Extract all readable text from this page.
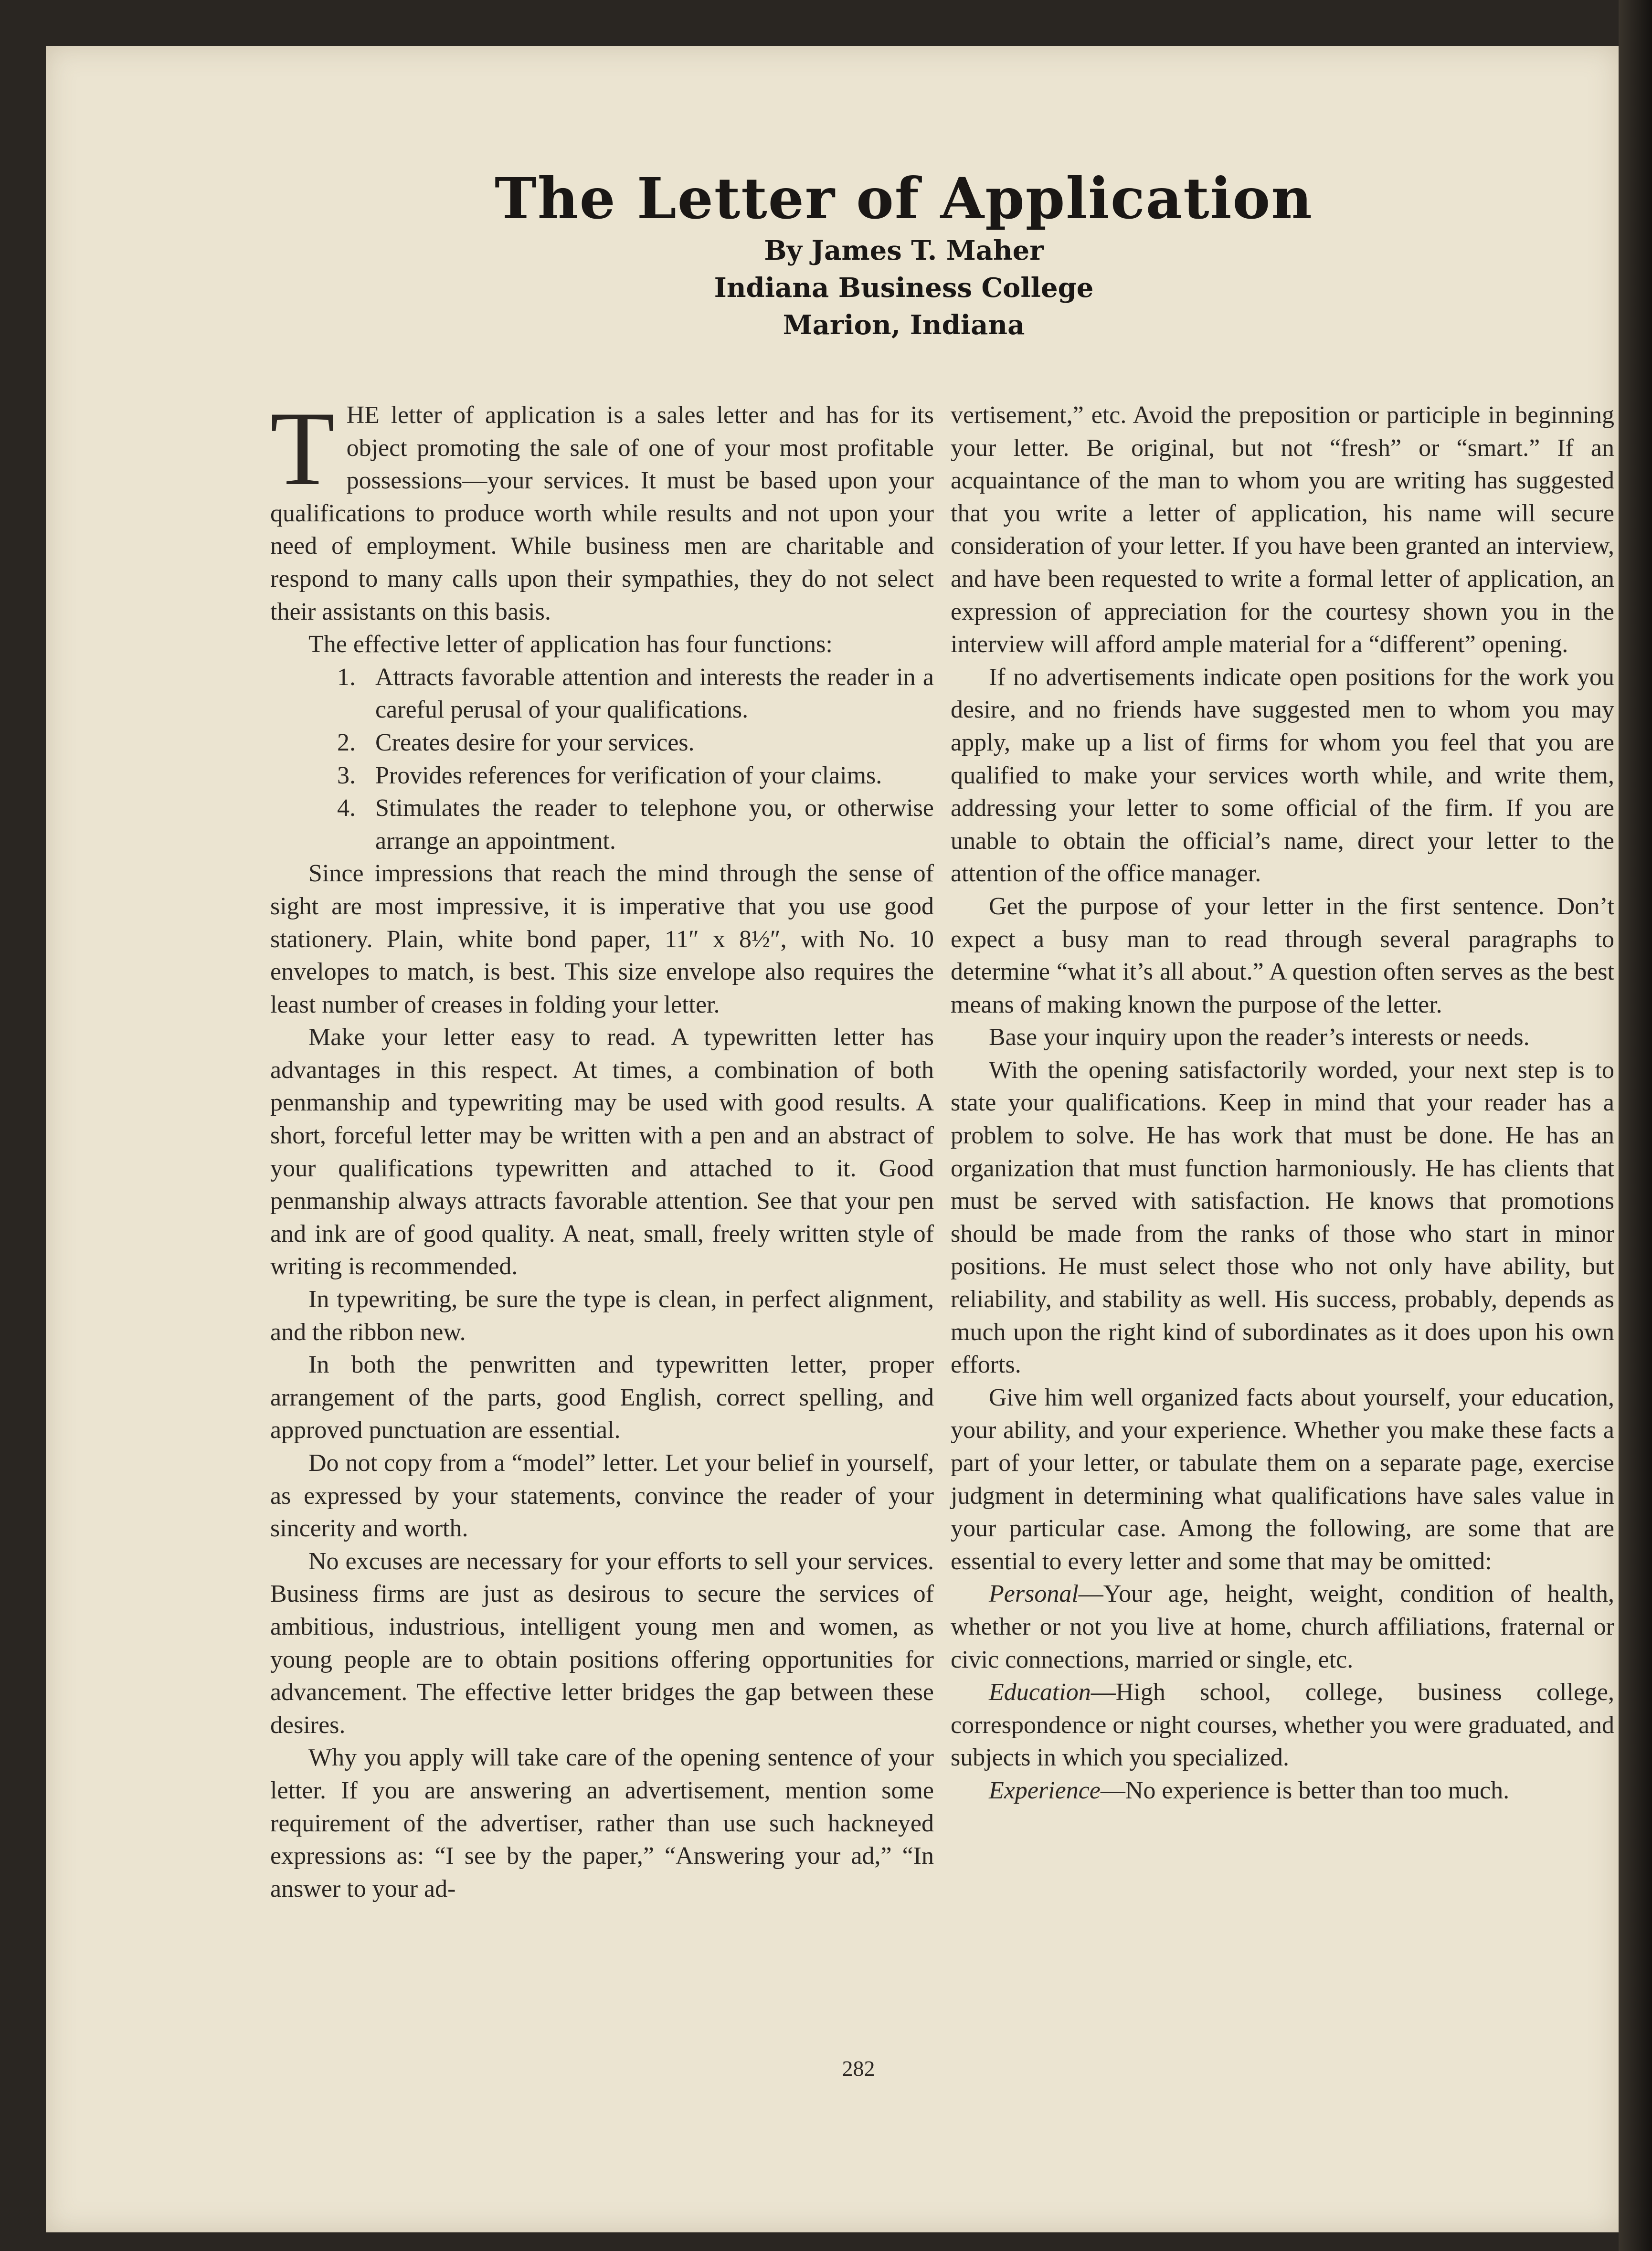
The Letter of Application
By James T. Maher
Indiana Business College
Marion, Indiana

THE letter of application is a sales letter and has for its object promoting the sale of one of your most profitable possessions—your services. It must be based upon your qualifications to produce worth while results and not upon your need of employment. While business men are charitable and respond to many calls upon their sympathies, they do not select their assistants on this basis.

The effective letter of application has four functions:

1. Attracts favorable attention and interests the reader in a careful perusal of your qualifications.
2. Creates desire for your services.
3. Provides references for verification of your claims.
4. Stimulates the reader to telephone you, or otherwise arrange an appointment.

Since impressions that reach the mind through the sense of sight are most impressive, it is imperative that you use good stationery. Plain, white bond paper, 11″ x 8½″, with No. 10 envelopes to match, is best. This size envelope also requires the least number of creases in folding your letter.

Make your letter easy to read. A typewritten letter has advantages in this respect. At times, a combination of both penmanship and typewriting may be used with good results. A short, forceful letter may be written with a pen and an abstract of your qualifications typewritten and attached to it. Good penmanship always attracts favorable attention. See that your pen and ink are of good quality. A neat, small, freely written style of writing is recommended.

In typewriting, be sure the type is clean, in perfect alignment, and the ribbon new.

In both the penwritten and typewritten letter, proper arrangement of the parts, good English, correct spelling, and approved punctuation are essential.

Do not copy from a “model” letter. Let your belief in yourself, as expressed by your statements, convince the reader of your sincerity and worth.

No excuses are necessary for your efforts to sell your services. Business firms are just as desirous to secure the services of ambitious, industrious, intelligent young men and women, as young people are to obtain positions offering opportunities for advancement. The effective letter bridges the gap between these desires.

Why you apply will take care of the opening sentence of your letter. If you are answering an advertisement, mention some requirement of the advertiser, rather than use such hackneyed expressions as: “I see by the paper,” “Answering your ad,” “In answer to your ad-

vertisement,” etc. Avoid the preposition or participle in beginning your letter. Be original, but not “fresh” or “smart.” If an acquaintance of the man to whom you are writing has suggested that you write a letter of application, his name will secure consideration of your letter. If you have been granted an interview, and have been requested to write a formal letter of application, an expression of appreciation for the courtesy shown you in the interview will afford ample material for a “different” opening.

If no advertisements indicate open positions for the work you desire, and no friends have suggested men to whom you may apply, make up a list of firms for whom you feel that you are qualified to make your services worth while, and write them, addressing your letter to some official of the firm. If you are unable to obtain the official’s name, direct your letter to the attention of the office manager.

Get the purpose of your letter in the first sentence. Don’t expect a busy man to read through several paragraphs to determine “what it’s all about.” A question often serves as the best means of making known the purpose of the letter.

Base your inquiry upon the reader’s interests or needs.

With the opening satisfactorily worded, your next step is to state your qualifications. Keep in mind that your reader has a problem to solve. He has work that must be done. He has an organization that must function harmoniously. He has clients that must be served with satisfaction. He knows that promotions should be made from the ranks of those who start in minor positions. He must select those who not only have ability, but reliability, and stability as well. His success, probably, depends as much upon the right kind of subordinates as it does upon his own efforts.

Give him well organized facts about yourself, your education, your ability, and your experience. Whether you make these facts a part of your letter, or tabulate them on a separate page, exercise judgment in determining what qualifications have sales value in your particular case. Among the following, are some that are essential to every letter and some that may be omitted:

Personal—Your age, height, weight, condition of health, whether or not you live at home, church affiliations, fraternal or civic connections, married or single, etc.

Education—High school, college, business college, correspondence or night courses, whether you were graduated, and subjects in which you specialized.

Experience—No experience is better than too much.

282
